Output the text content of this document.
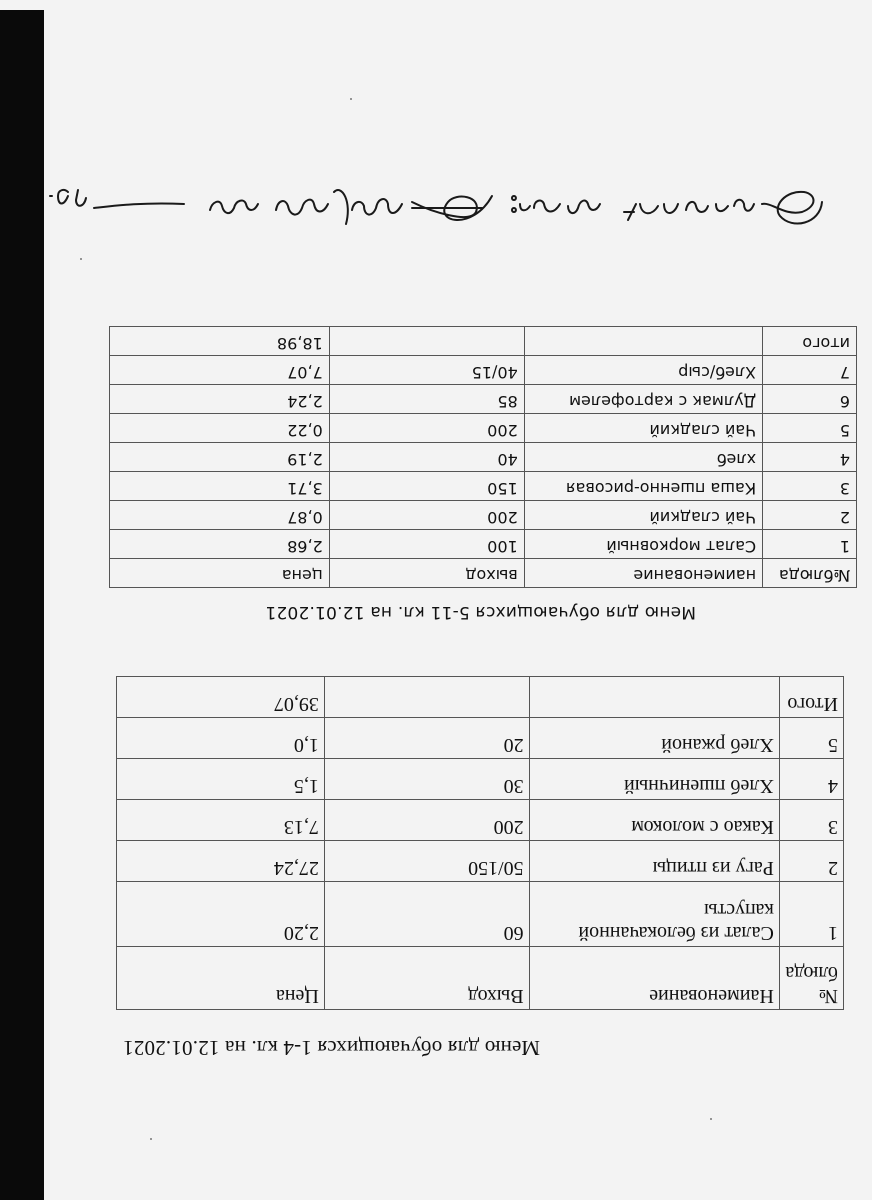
Меню для обучающихся 1-4 кл. на 12.01.2021
№ блюда	Наименование	Выход	Цена
1	Салат из белокачанной капусты	60	2,20
2	Рагу из птицы	50/150	27,24
3	Какао с молоком	200	7,13
4	Хлеб пшеничный	30	1,5
5	Хлеб ржаной	20	1,0
Итого			39,07
Меню для обучающихся 5-11 кл. на 12.01.2021
№блюда	наименование	выход	цена
1	Салат морковный	100	2,68
2	Чай сладкий	200	0,87
3	Каша пшенно-рисовая	150	3,71
4	хлеб	40	2,19
5	Чай сладкий	200	0,22
6	Дулмак с картофелем	85	2,24
7	Хлеб/сыр	40/15	7,07
итого			18,98
